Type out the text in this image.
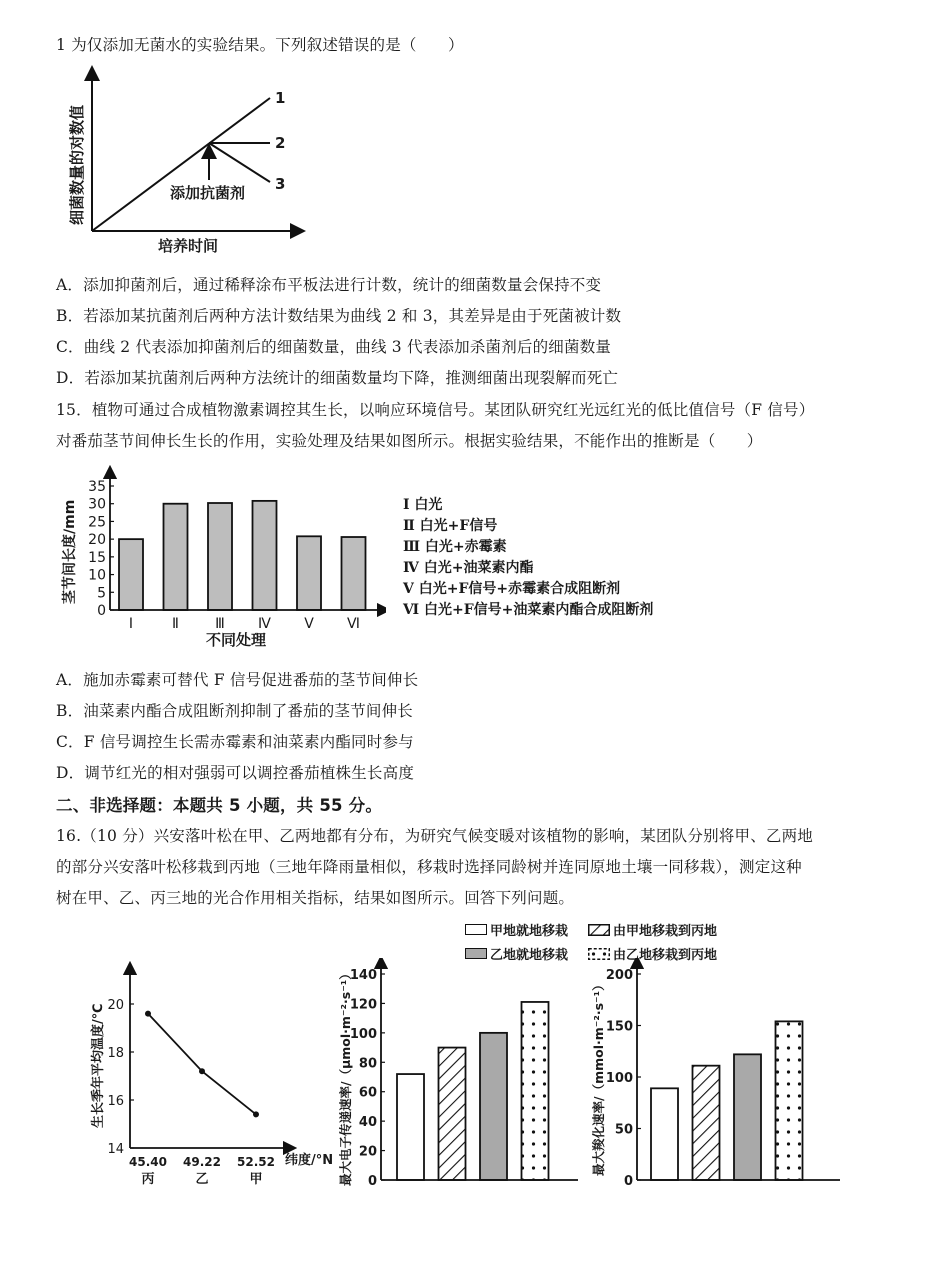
1 为仅添加无菌水的实验结果。下列叙述错误的是（　　）
1
2
3
添加抗菌剂
培养时间
细菌数量的对数值
A．添加抑菌剂后，通过稀释涂布平板法进行计数，统计的细菌数量会保持不变
B．若添加某抗菌剂后两种方法计数结果为曲线 2 和 3，其差异是由于死菌被计数
C．曲线 2 代表添加抑菌剂后的细菌数量，曲线 3 代表添加杀菌剂后的细菌数量
D．若添加某抗菌剂后两种方法统计的细菌数量均下降，推测细菌出现裂解而死亡
15．植物可通过合成植物激素调控其生长，以响应环境信号。某团队研究红光远红光的低比值信号（F 信号）
对番茄茎节间伸长生长的作用，实验处理及结果如图所示。根据实验结果，不能作出的推断是（　　）
0
5
10
15
20
25
30
35
Ⅰ	Ⅱ	Ⅲ Ⅳ Ⅴ Ⅵ
不同处理
茎节间长度/mm	Ⅰ 白光
Ⅱ 白光+F信号
Ⅲ 白光+赤霉素
Ⅳ 白光+油菜素内酯
Ⅴ 白光+F信号+赤霉素合成阻断剂
Ⅵ 白光+F信号+油菜素内酯合成阻断剂
A．施加赤霉素可替代 F 信号促进番茄的茎节间伸长
B．油菜素内酯合成阻断剂抑制了番茄的茎节间伸长
C．F 信号调控生长需赤霉素和油菜素内酯同时参与
D．调节红光的相对强弱可以调控番茄植株生长高度
二、非选择题：本题共 5 小题，共 55 分。
16.（10 分）兴安落叶松在甲、乙两地都有分布，为研究气候变暖对该植物的影响，某团队分别将甲、乙两地
的部分兴安落叶松移栽到丙地（三地年降雨量相似，移栽时选择同龄树并连同原地土壤一同移栽），测定这种
树在甲、乙、丙三地的光合作用相关指标，结果如图所示。回答下列问题。
甲地就地移栽	由甲地移栽到丙地
乙地就地移栽	由乙地移栽到丙地
14
16
18
20
45.40
丙
49.22
乙
52.52
甲
纬度/°N
生长季年平均温度/℃
0
20
40
60
80
100
120
140
最大电子传递速率/（μmol·m⁻²·s⁻¹）	0
50
100
150
200
最大羧化速率/（mmol·m⁻²·s⁻¹）
